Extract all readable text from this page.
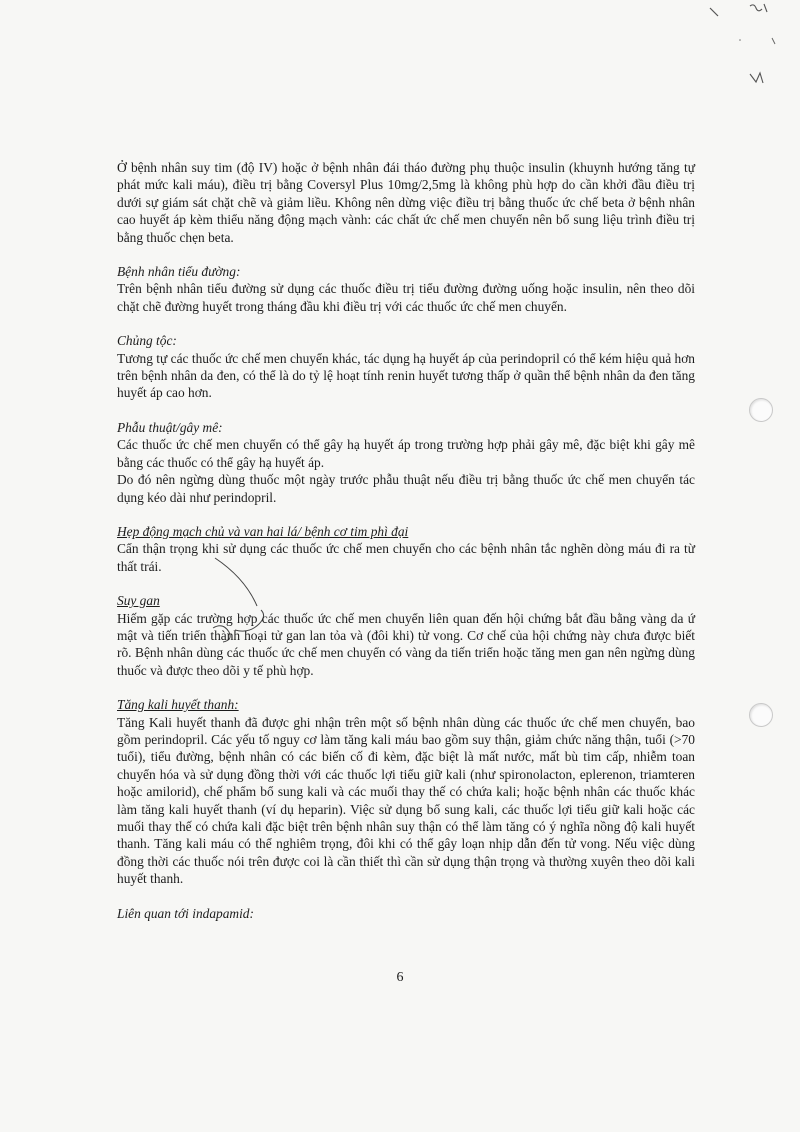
Ở bệnh nhân suy tim (độ IV) hoặc ở bệnh nhân đái tháo đường phụ thuộc insulin (khuynh hướng tăng tự phát mức kali máu), điều trị bằng Coversyl Plus 10mg/2,5mg là không phù hợp do cần khởi đầu điều trị dưới sự giám sát chặt chẽ và giảm liều. Không nên dừng việc điều trị bằng thuốc ức chế beta ở bệnh nhân cao huyết áp kèm thiểu năng động mạch vành: các chất ức chế men chuyển nên bổ sung liệu trình điều trị bằng thuốc chẹn beta.

Bệnh nhân tiểu đường:

Trên bệnh nhân tiểu đường sử dụng các thuốc điều trị tiểu đường đường uống hoặc insulin, nên theo dõi chặt chẽ đường huyết trong tháng đầu khi điều trị với các thuốc ức chế men chuyển.

Chủng tộc:

Tương tự các thuốc ức chế men chuyển khác, tác dụng hạ huyết áp của perindopril có thể kém hiệu quả hơn trên bệnh nhân da đen, có thể là do tỷ lệ hoạt tính renin huyết tương thấp ở quần thể bệnh nhân da đen tăng huyết áp cao hơn.

Phẫu thuật/gây mê:

Các thuốc ức chế men chuyển có thể gây hạ huyết áp trong trường hợp phải gây mê, đặc biệt khi gây mê bằng các thuốc có thể gây hạ huyết áp.

Do đó nên ngừng dùng thuốc một ngày trước phẫu thuật nếu điều trị bằng thuốc ức chế men chuyển tác dụng kéo dài như perindopril.

Hẹp động mạch chủ và van hai lá/ bệnh cơ tim phì đại

Cẩn thận trọng khi sử dụng các thuốc ức chế men chuyển cho các bệnh nhân tắc nghẽn dòng máu đi ra từ thất trái.

Suy gan

Hiếm gặp các trường hợp các thuốc ức chế men chuyển liên quan đến hội chứng bắt đầu bằng vàng da ứ mật và tiến triển thành hoại tử gan lan tỏa và (đôi khi) tử vong. Cơ chế của hội chứng này chưa được biết rõ. Bệnh nhân dùng các thuốc ức chế men chuyển có vàng da tiến triển hoặc tăng men gan nên ngừng dùng thuốc và được theo dõi y tế phù hợp.

Tăng kali huyết thanh:

Tăng Kali huyết thanh đã được ghi nhận trên một số bệnh nhân dùng các thuốc ức chế men chuyển, bao gồm perindopril. Các yếu tố nguy cơ làm tăng kali máu bao gồm suy thận, giảm chức năng thận, tuổi (>70 tuổi), tiểu đường, bệnh nhân có các biến cố đi kèm, đặc biệt là mất nước, mất bù tim cấp, nhiễm toan chuyển hóa và sử dụng đồng thời với các thuốc lợi tiểu giữ kali (như spironolacton, eplerenon, triamteren hoặc amilorid), chế phẩm bổ sung kali và các muối thay thế có chứa kali; hoặc bệnh nhân các thuốc khác làm tăng kali huyết thanh (ví dụ heparin). Việc sử dụng bổ sung kali, các thuốc lợi tiểu giữ kali hoặc các muối thay thế có chứa kali đặc biệt trên bệnh nhân suy thận có thể làm tăng có ý nghĩa nồng độ kali huyết thanh. Tăng kali máu có thể nghiêm trọng, đôi khi có thể gây loạn nhịp dẫn đến tử vong. Nếu việc dùng đồng thời các thuốc nói trên được coi là cần thiết thì cần sử dụng thận trọng và thường xuyên theo dõi kali huyết thanh.

Liên quan tới indapamid:

6
